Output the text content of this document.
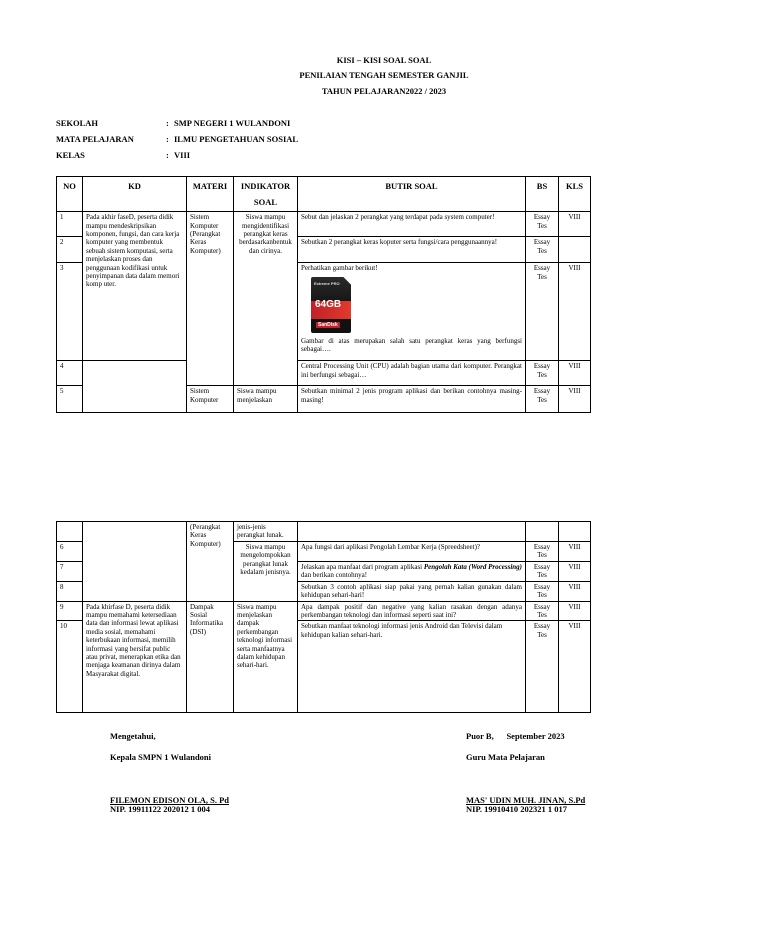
KISI – KISI SOAL SOAL
PENILAIAN TENGAH SEMESTER GANJIL
TAHUN PELAJARAN2022 / 2023
SEKOLAH	: SMP NEGERI 1 WULANDONI
MATA PELAJARAN	: ILMU PENGETAHUAN SOSIAL
KELAS	: VIII
NO	KD	MATERI	INDIKATOR SOAL	BUTIR SOAL	BS	KLS
1	Pada akhir faseD, peserta didik mampu mendeskripsikan komponen, fungsi, dan cara kerja komputer yang membentuk sebuah sistem komputasi, serta menjelaskan proses dan penggunaan kodifikasi untuk penyimpanan data dalam memori komp uter.	Sistem Komputer (Perangkat Keras Komputer)	Siswa mampu mengidentifikasi perangkat keras berdasarkanbentuk dan cirinya.	Sebut dan jelaskan 2 perangkat yang terdapat pada system computer!	Essay Tes	VIII
2				Sebutkan 2 perangkat keras koputer serta fungsi/cara penggunaannya!	Essay Tes	
3				Perhatikan gambar berikut!
Extreme PRO
64GB
SanDisk
Gambar di atas merupakan salah satu perangkat keras yang berfungsi sebagai….	Essay Tes	VIII
4				Central Processing Unit (CPU) adalah bagian utama dari komputer. Perangkat ini berfungsi sebagai…	Essay Tes	VIII
5		Sistem Komputer	Siswa mampu menjelaskan	Sebutkan minimal 2 jenis program aplikasi dan berikan contohnya masing-masing!	Essay Tes	VIII
		(Perangkat Keras Komputer)	jenis-jenis perangkat lunak.			
6			Siswa mampu mengelompokkan perangkat lunak kedalam jenisnya.	Apa fungsi dari aplikasi Pengolah Lembar Kerja (Spreedsheet)?	Essay Tes	VIII
7				Jelaskan apa manfaat dari program aplikasi Pengolah Kata (Word Processing) dan berikan contohnya!	Essay Tes	VIII
8				Sebutkan 3 contoh aplikasi siap pakai yang pernah kalian gunakan dalam kehidupan sehari-hari!	Essay Tes	VIII
9	Pada khirfase D, peserta didik mampu memahami ketersediaan data dan informasi lewat aplikasi media sosial, memahami keterbukaan informasi, memilih informasi yang bersifat public atau privat, menerapkan etika dan menjaga keamanan dirinya dalam Masyarakat digital.	Dampak Sosial Informatika (DSI)	Siswa mampu menjelaskan dampak perkembangan teknologi informasi serta manfaatnya dalam kehidupan sehari-hari.	Apa dampak positif dan negative yang kalian rasakan dengan adanya perkembangan teknologi dan informasi seperti saat ini?	Essay Tes	VIII
10				Sebutkan manfaat teknologi informasi jenis Android dan Televisi dalam kehidupan kalian sehari-hari.	Essay Tes	VIII
Mengetahui,
Kepala SMPN 1 Wulandoni
FILEMON EDISON OLA, S. Pd
NIP. 19911122 202012 1 004
Puor B,      September 2023
Guru Mata Pelajaran
MAS' UDIN MUH. JINAN, S.Pd
NIP. 19910410 202321 1 017
